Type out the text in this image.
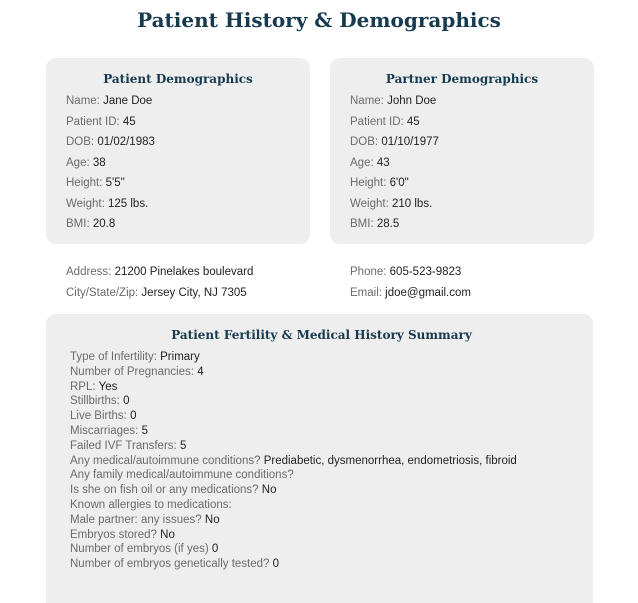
Patient History & Demographics
Patient Demographics
Name: Jane Doe
Patient ID: 45
DOB: 01/02/1983
Age: 38
Height: 5'5"
Weight: 125 lbs.
BMI: 20.8
Partner Demographics
Name: John Doe
Patient ID: 45
DOB: 01/10/1977
Age: 43
Height: 6'0"
Weight: 210 lbs.
BMI: 28.5
Address: 21200 Pinelakes boulevard
City/State/Zip: Jersey City, NJ 7305
Phone: 605-523-9823
Email: jdoe@gmail.com
Patient Fertility & Medical History Summary
Type of Infertility: Primary
Number of Pregnancies: 4
RPL: Yes
Stillbirths: 0
Live Births: 0
Miscarriages: 5
Failed IVF Transfers: 5
Any medical/autoimmune conditions? Prediabetic, dysmenorrhea, endometriosis, fibroid
Any family medical/autoimmune conditions?
Is she on fish oil or any medications? No
Known allergies to medications:
Male partner: any issues? No
Embryos stored? No
Number of embryos (if yes) 0
Number of embryos genetically tested? 0
